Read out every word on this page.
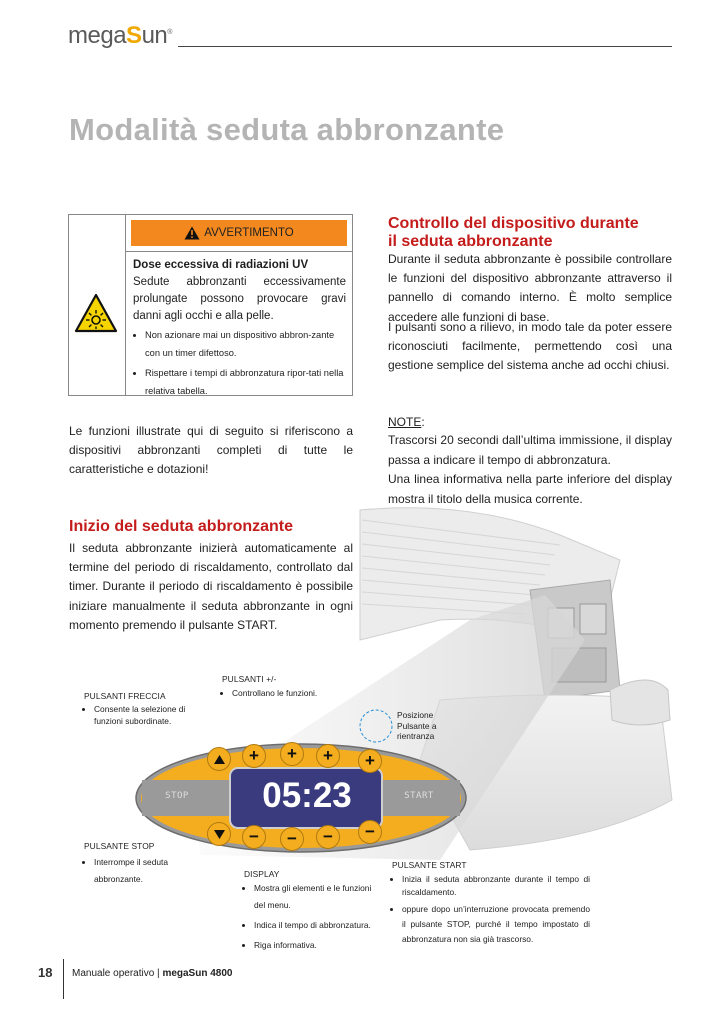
megaSun®
Modalità seduta abbronzante
AVVERTIMENTO
Dose eccessiva di radiazioni UV

Sedute abbronzanti eccessivamente prolungate possono provocare gravi danni agli occhi e alla pelle.

• Non azionare mai un dispositivo abbron-zante con un timer difettoso.
• Rispettare i tempi di abbronzatura ripor-tati nella relativa tabella.

Le funzioni illustrate qui di seguito si riferiscono a dispositivi abbronzanti completi di tutte le caratteristiche e dotazioni!

Controllo del dispositivo durante
il seduta abbronzante

Durante il seduta abbronzante è possibile controllare le funzioni del dispositivo abbronzante attraverso il pannello di comando interno. È molto semplice accedere alle funzioni di base.

I pulsanti sono a rilievo, in modo tale da poter essere riconosciuti facilmente, permettendo così una gestione semplice del sistema anche ad occhi chiusi.

NOTE:

Trascorsi 20 secondi dall’ultima immissione, il display passa a indicare il tempo di abbronzatura.

Una linea informativa nella parte inferiore del display mostra il titolo della musica corrente.

Inizio del seduta abbronzante

Il seduta abbronzante inizierà automaticamente al termine del periodo di riscaldamento, controllato dal timer. Durante il periodo di riscaldamento è possibile iniziare manualmente il seduta abbronzante in ogni momento premendo il pulsante START.

STOP	START
05:23
+ + + +
− − − −
PULSANTI +/-
• Controllano le funzioni.
PULSANTI FRECCIA
• Consente la selezione di funzioni subordinate.
Posizione
Pulsante a
rientranza
PULSANTE STOP
• Interrompe il seduta abbronzante.	DISPLAY
• Mostra gli elementi e le funzioni del menu.
• Indica il tempo di abbronzatura.
• Riga informativa.
PULSANTE START
• Inizia il seduta abbronzante durante il tempo di riscaldamento.
• oppure dopo un’interruzione provocata premendo il pulsante STOP, purché il tempo impostato di abbronzatura non sia già trascorso.
18 Manuale operativo | megaSun 4800
